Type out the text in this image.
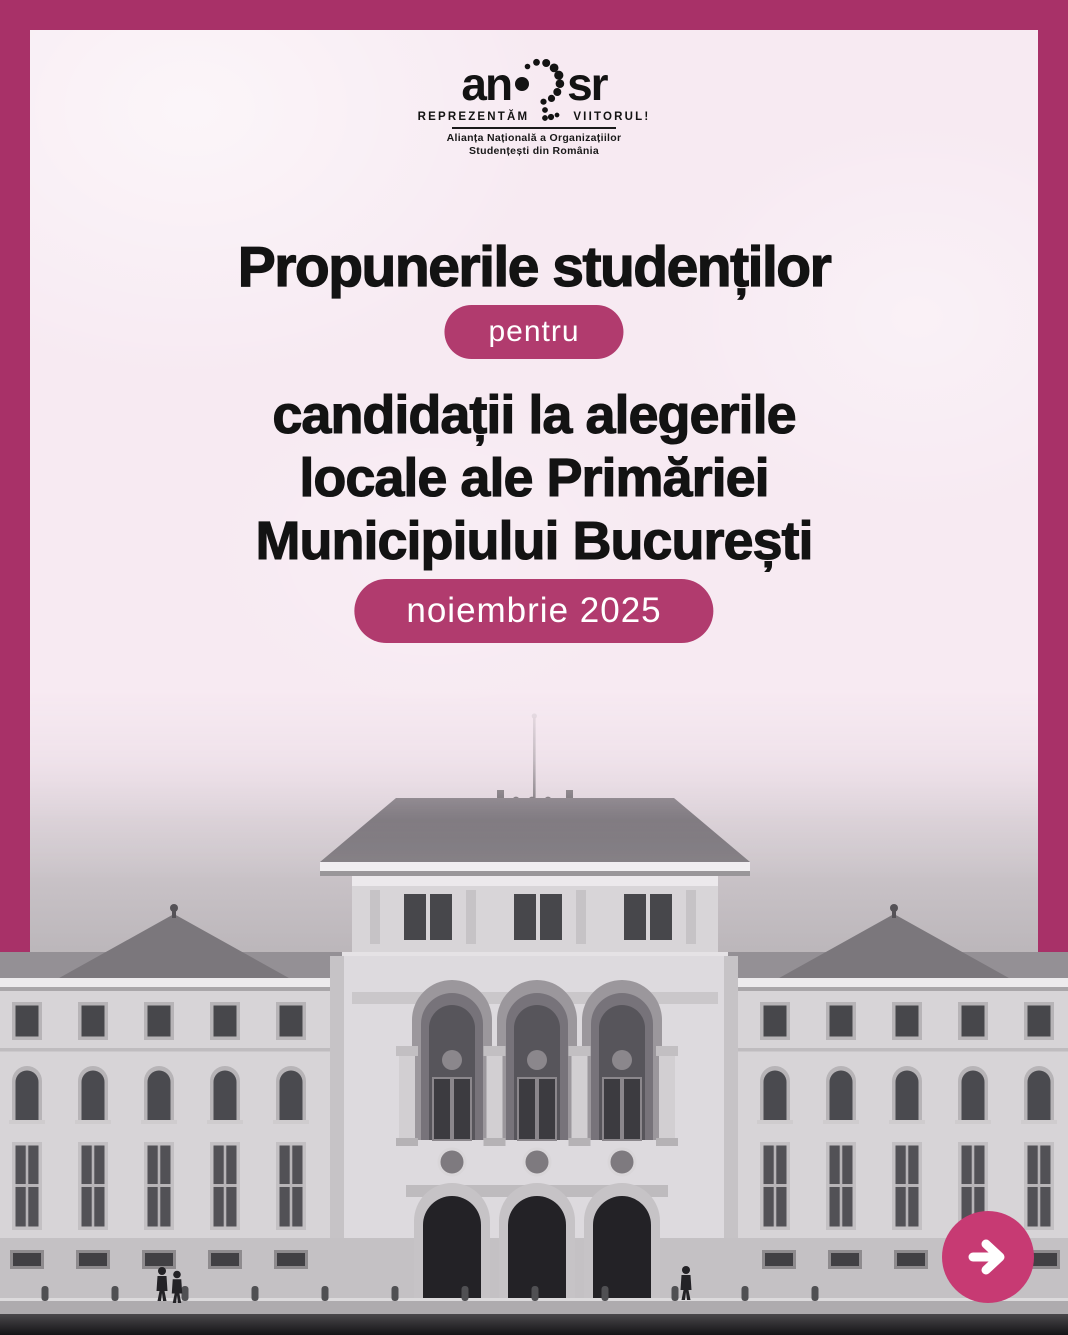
an sr
REPREZENTĂM	VIITORUL!
Alianța Națională a Organizațiilor
Studențești din România
Propunerile studenților
pentru
candidații la alegerile
locale ale Primăriei
Municipiului București
noiembrie 2025
